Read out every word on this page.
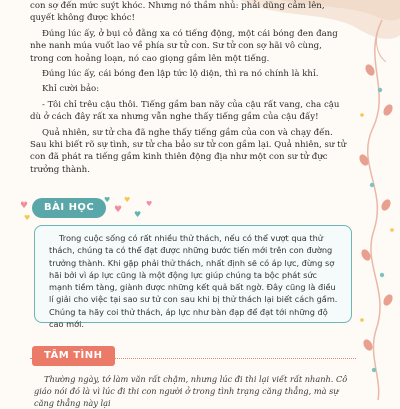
con sợ đến mức suýt khóc. Nhưng nó thầm nhủ: phải dũng cảm lên, quyết không được khóc!

Đúng lúc ấy, ở bụi cỏ đằng xa có tiếng động, một cái bóng đen đang nhe nanh múa vuốt lao về phía sư tử con. Sư tử con sợ hãi vô cùng, trong cơn hoảng loạn, nó cao giọng gầm lên một tiếng.

Đúng lúc ấy, cái bóng đen lập tức lộ diện, thì ra nó chính là khỉ.

Khỉ cười bảo:

- Tôi chỉ trêu cậu thôi. Tiếng gầm ban nãy của cậu rất vang, cha cậu dù ở cách đây rất xa nhưng vẫn nghe thấy tiếng gầm của cậu đấy!

Quả nhiên, sư tử cha đã nghe thấy tiếng gầm của con và chạy đến. Sau khi biết rõ sự tình, sư tử cha bảo sư tử con gầm lại. Quả nhiên, sư tử con đã phát ra tiếng gầm kinh thiên động địa như một con sư tử đực trưởng thành.

♥
♥
♥
♥
♥
♥
♥
BÀI HỌC

Trong cuộc sống có rất nhiều thử thách, nếu có thể vượt qua thử thách, chúng ta có thể đạt được những bước tiến mới trên con đường trưởng thành. Khi gặp phải thử thách, nhất định sẽ có áp lực, đừng sợ hãi bởi vì áp lực cũng là một động lực giúp chúng ta bộc phát sức mạnh tiềm tàng, giành được những kết quả bất ngờ. Đây cũng là điều lí giải cho việc tại sao sư tử con sau khi bị thử thách lại biết cách gầm. Chúng ta hãy coi thử thách, áp lực như bàn đạp để đạt tới những độ cao mới.

TÂM TÌNH

Thường ngày, tớ làm văn rất chậm, nhưng lúc đi thi lại viết rất nhanh. Cô giáo nói đó là vì lúc đi thi con người ở trong tình trạng căng thẳng, mà sự căng thẳng này lại
